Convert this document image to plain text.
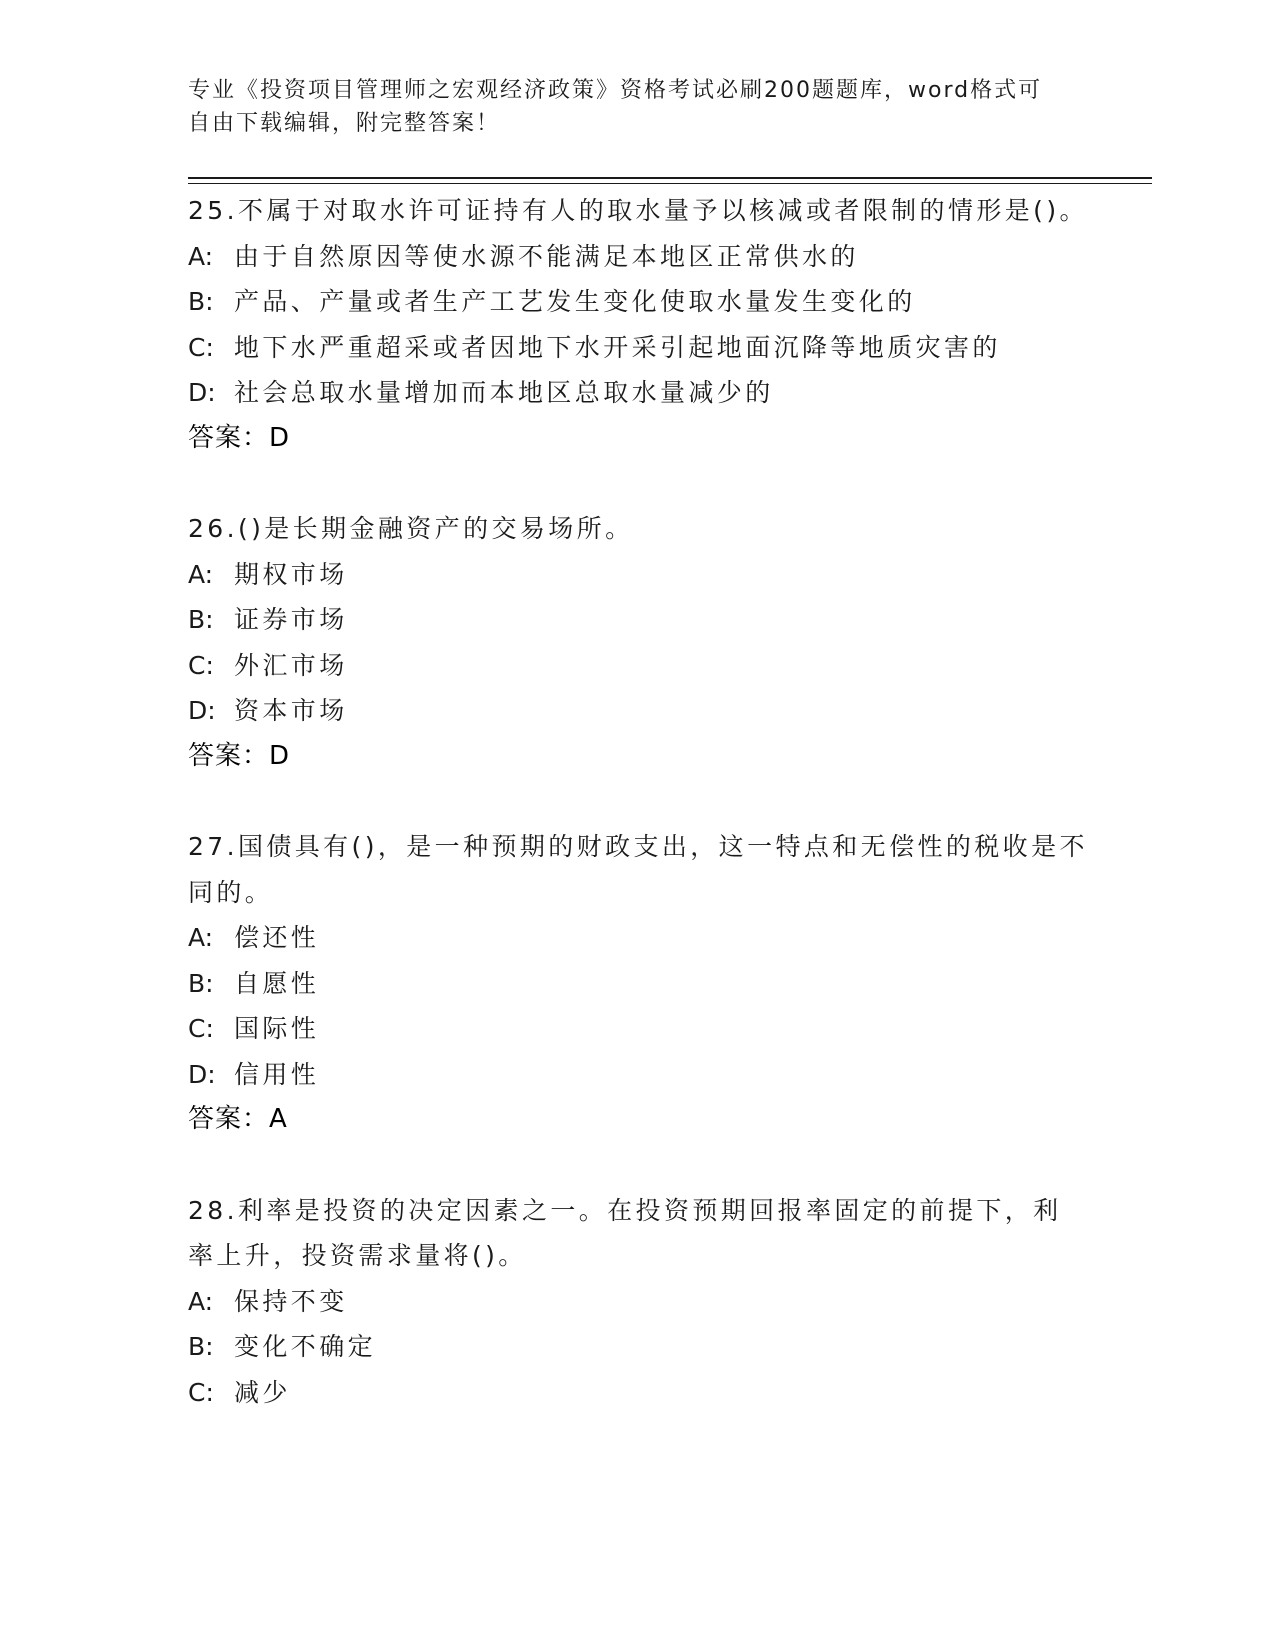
专业《投资项目管理师之宏观经济政策》资格考试必刷200题题库，word格式可
自由下载编辑，附完整答案！
25.不属于对取水许可证持有人的取水量予以核减或者限制的情形是()。
A: 由于自然原因等使水源不能满足本地区正常供水的
B: 产品、产量或者生产工艺发生变化使取水量发生变化的
C: 地下水严重超采或者因地下水开采引起地面沉降等地质灾害的
D: 社会总取水量增加而本地区总取水量减少的
答案：D
26.()是长期金融资产的交易场所。
A: 期权市场
B: 证券市场
C: 外汇市场
D: 资本市场
答案：D
27.国债具有()，是一种预期的财政支出，这一特点和无偿性的税收是不同的。
A: 偿还性
B: 自愿性
C: 国际性
D: 信用性
答案：A
28.利率是投资的决定因素之一。在投资预期回报率固定的前提下，利率上升，投资需求量将()。
A: 保持不变
B: 变化不确定
C: 减少
